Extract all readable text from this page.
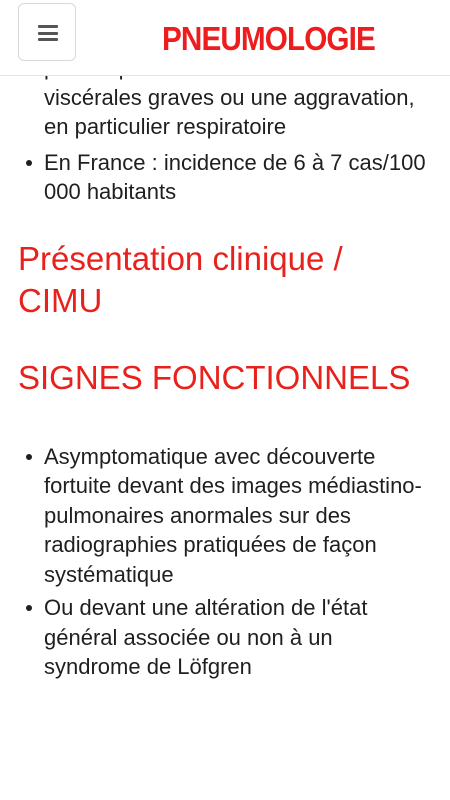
viscérales graves ou une aggravation, en particulier respiratoire
En France : incidence de 6 à 7 cas/100 000 habitants
Présentation clinique / CIMU
SIGNES FONCTIONNELS
Asymptomatique avec découverte fortuite devant des images médiastino-pulmonaires anormales sur des radiographies pratiquées de façon systématique
Ou devant une altération de l'état général associée ou non à un syndrome de Löfgren
PNEUMOLOGIE
